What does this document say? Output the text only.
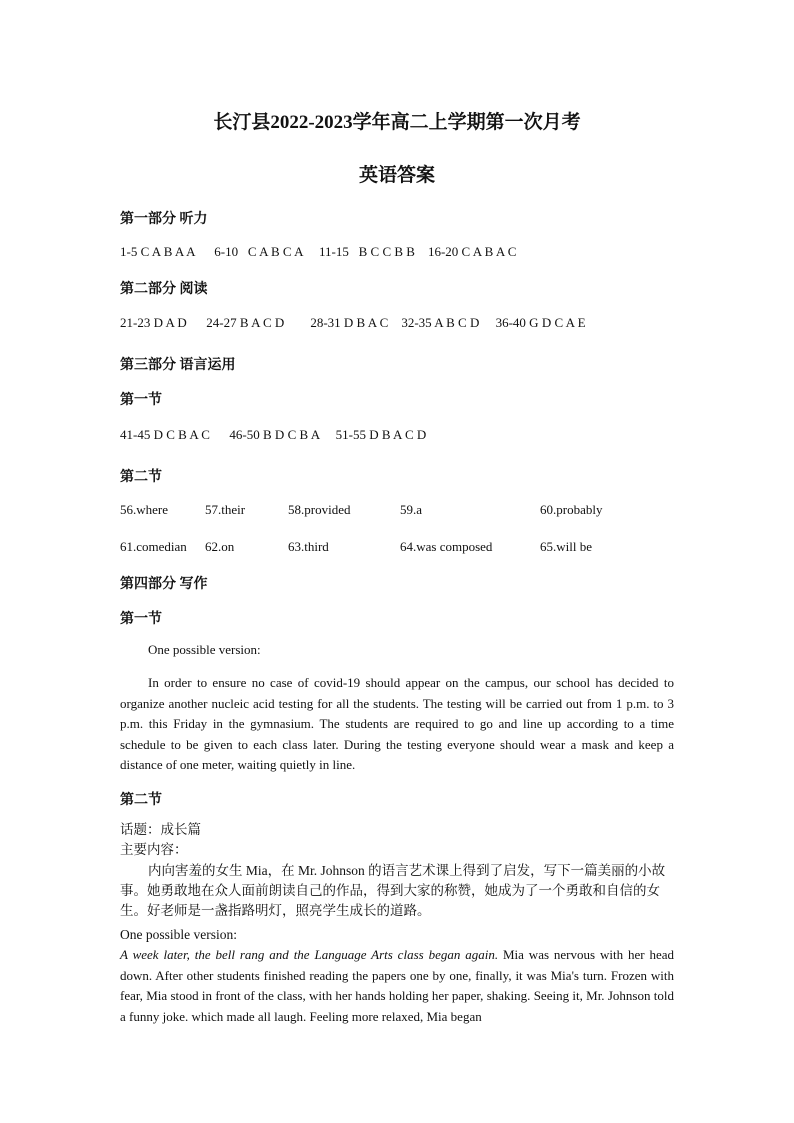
长汀县2022-2023学年高二上学期第一次月考
英语答案
第一部分 听力
1-5 C A B A A      6-10   C A B C A     11-15   B C C B B    16-20 C A B A C
第二部分 阅读
21-23 D A D      24-27 B A C D        28-31 D B A C    32-35 A B C D     36-40 G D C A E
第三部分 语言运用
第一节
41-45 D C B A C      46-50 B D C B A     51-55 D B A C D
第二节
56.where	57.their	58.provided	59.a	60.probably
61.comedian 62.on	63.third	64.was composed	65.will be
第四部分 写作
第一节
One possible version:

In order to ensure no case of covid-19 should appear on the campus, our school has decided to organize another nucleic acid testing for all the students. The testing will be carried out from 1 p.m. to 3 p.m. this Friday in the gymnasium. The students are required to go and line up according to a time schedule to be given to each class later. During the testing everyone should wear a mask and keep a distance of one meter, waiting quietly in line.

第二节

话题：成长篇

主要内容：

内向害羞的女生 Mia，在 Mr. Johnson 的语言艺术课上得到了启发，写下一篇美丽的小故事。她勇敢地在众人面前朗读自己的作品，得到大家的称赞，她成为了一个勇敢和自信的女生。好老师是一盏指路明灯，照亮学生成长的道路。

One possible version:

A week later, the bell rang and the Language Arts class began again. Mia was nervous with her head down. After other students finished reading the papers one by one, finally, it was Mia's turn. Frozen with fear, Mia stood in front of the class, with her hands holding her paper, shaking. Seeing it, Mr. Johnson told a funny joke. which made all laugh. Feeling more relaxed, Mia began
